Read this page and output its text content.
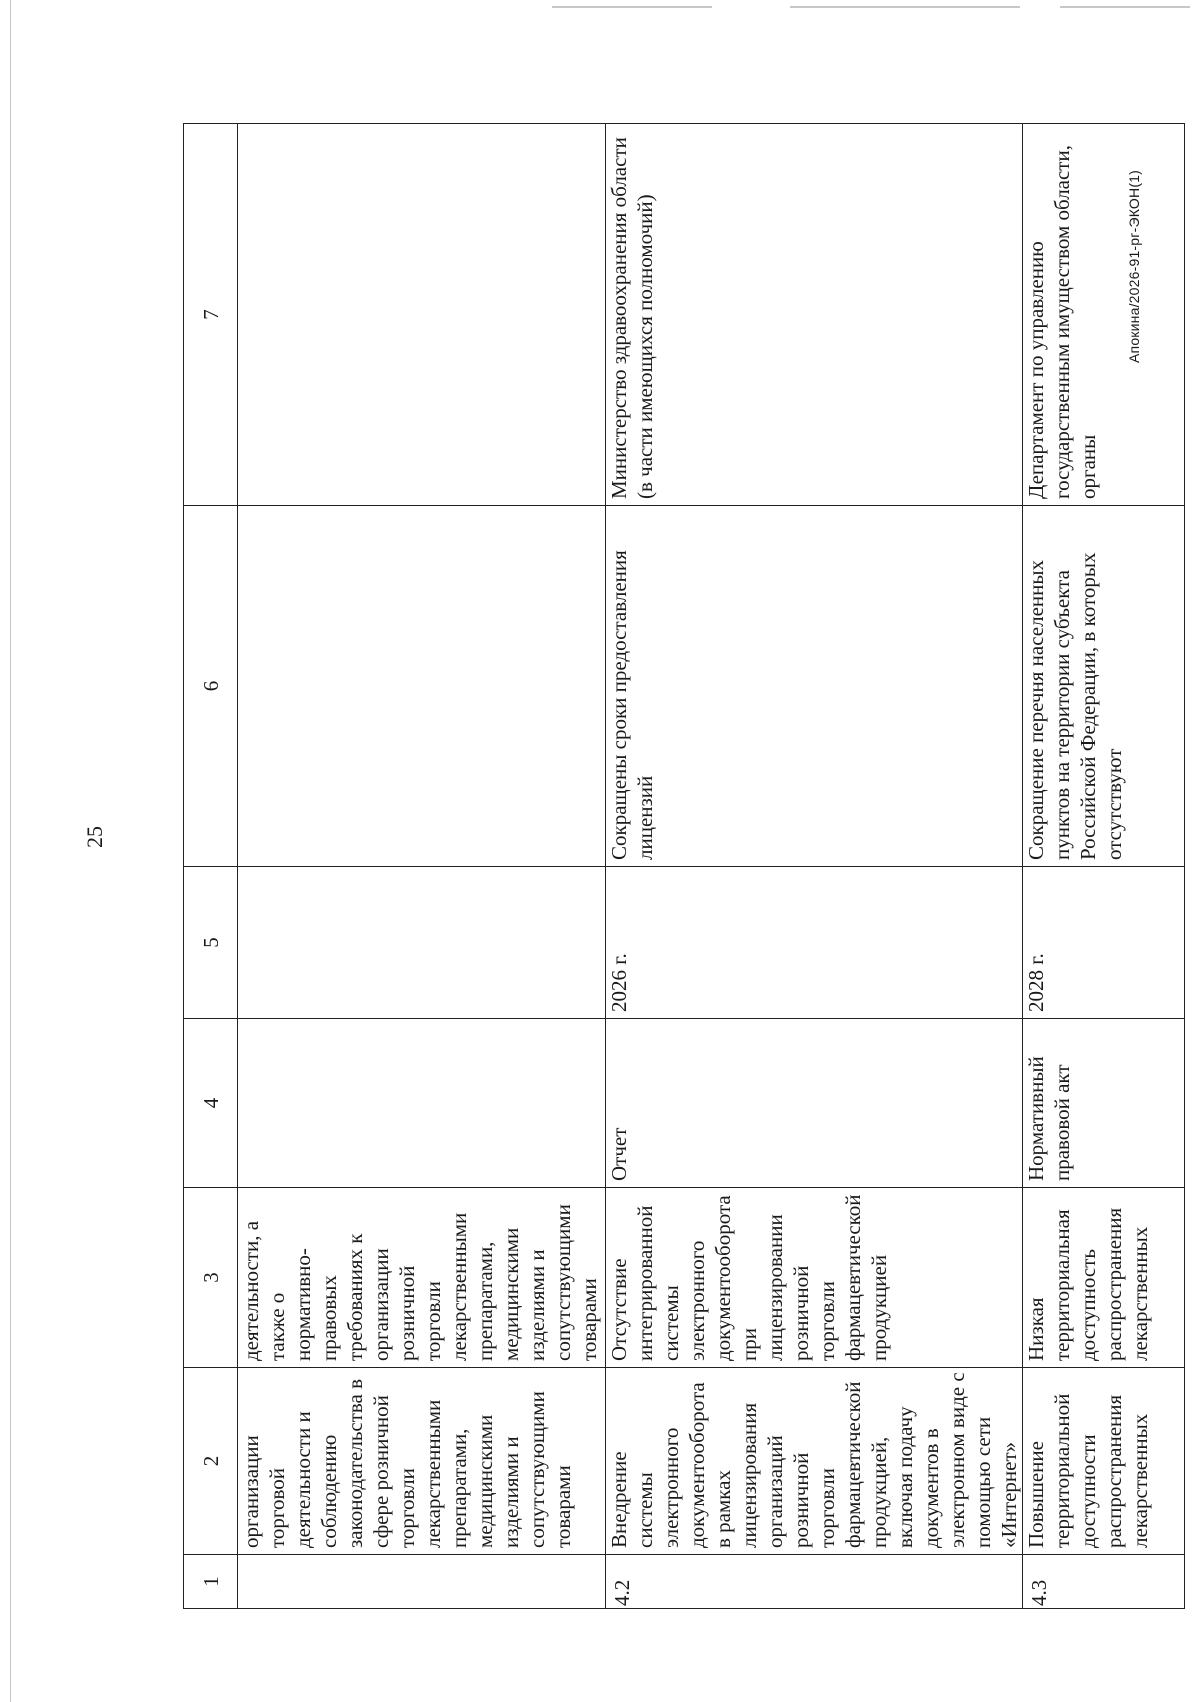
25
Апокина/2026-91-рг-ЭКОН(1)
1	2	3	4	5	6	7
	организации торговой деятельности и соблюдению законодательства в сфере розничной торговли лекарственными препаратами, медицинскими изделиями и сопутствующими товарами	деятельности, а также о нормативно- правовых требованиях к организации розничной торговли лекарственными препаратами, медицинскими изделиями и сопутствующими товарами				
4.2	Внедрение системы электронного документооборота в рамках лицензирования организаций розничной торговли фармацевтической продукцией, включая подачу документов в электронном виде с помощью сети «Интернет»	Отсутствие интегрированной системы электронного документооборота при лицензировании розничной торговли фармацевтической продукцией	Отчет	2026 г.	Сокращены сроки предоставления лицензий	Министерство здравоохранения области (в части имеющихся полномочий)
4.3	Повышение территориальной доступности распространения лекарственных	Низкая территориальная доступность распространения лекарственных	Нормативный правовой акт	2028 г.	Сокращение перечня населенных пунктов на территории субъекта Российской Федерации, в которых отсутствуют	Департамент по управлению государственным имуществом области, органы
